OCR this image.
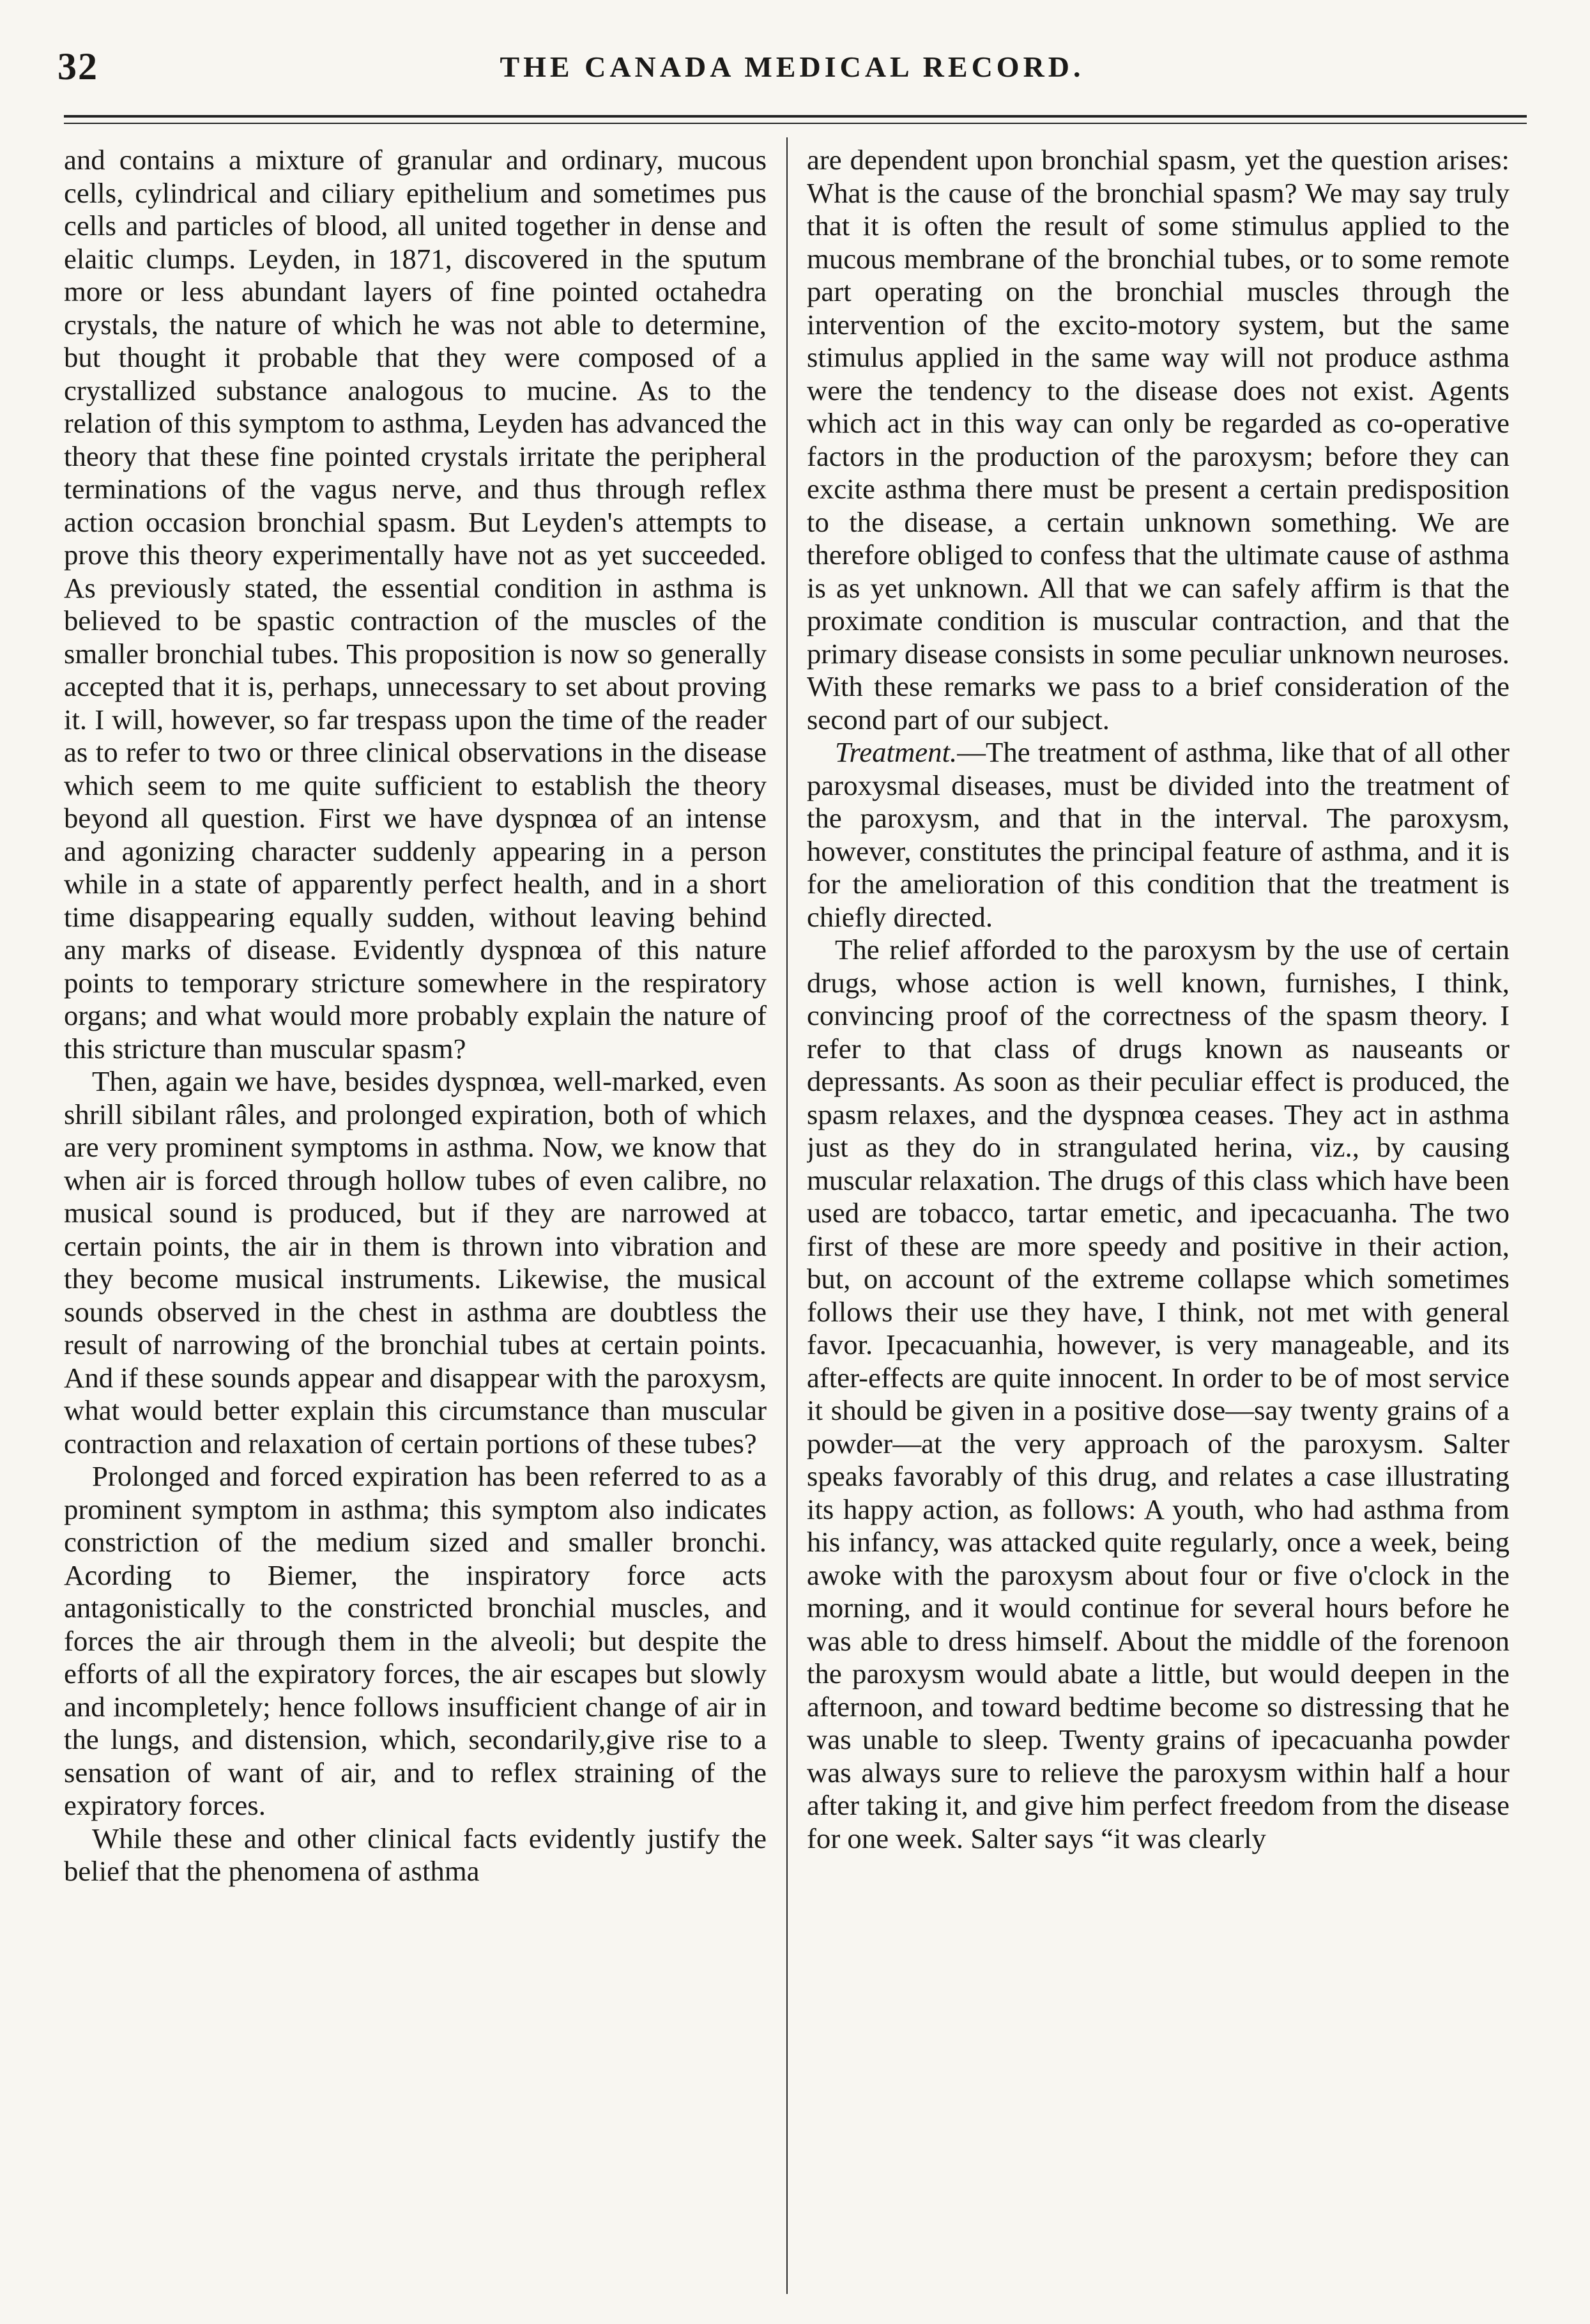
32	THE CANADA MEDICAL RECORD.

and contains a mixture of granular and ordinary, mucous cells, cylindrical and ciliary epithelium and sometimes pus cells and particles of blood, all united together in dense and elaitic clumps. Leyden, in 1871, discovered in the sputum more or less abundant layers of fine pointed octahedra crystals, the nature of which he was not able to determine, but thought it probable that they were composed of a crystallized substance analogous to mucine. As to the relation of this symptom to asthma, Leyden has advanced the theory that these fine pointed crystals irritate the peripheral terminations of the vagus nerve, and thus through reflex action occasion bronchial spasm. But Leyden's attempts to prove this theory experimentally have not as yet succeeded. As previously stated, the essential condition in asthma is believed to be spastic contraction of the muscles of the smaller bronchial tubes. This proposition is now so generally accepted that it is, perhaps, unnecessary to set about proving it. I will, however, so far trespass upon the time of the reader as to refer to two or three clinical observations in the disease which seem to me quite sufficient to establish the theory beyond all question. First we have dyspnœa of an intense and agonizing character suddenly appearing in a person while in a state of apparently perfect health, and in a short time disappearing equally sudden, without leaving behind any marks of disease. Evidently dyspnœa of this nature points to temporary stricture somewhere in the respiratory organs; and what would more probably explain the nature of this stricture than muscular spasm?

Then, again we have, besides dyspnœa, well-marked, even shrill sibilant râles, and prolonged expiration, both of which are very prominent symptoms in asthma. Now, we know that when air is forced through hollow tubes of even calibre, no musical sound is produced, but if they are narrowed at certain points, the air in them is thrown into vibration and they become musical instruments. Likewise, the musical sounds observed in the chest in asthma are doubtless the result of narrowing of the bronchial tubes at certain points. And if these sounds appear and disappear with the paroxysm, what would better explain this circumstance than muscular contraction and relaxation of certain portions of these tubes?

Prolonged and forced expiration has been referred to as a prominent symptom in asthma; this symptom also indicates constriction of the medium sized and smaller bronchi. Acording to Biemer, the inspiratory force acts antagonistically to the constricted bronchial muscles, and forces the air through them in the alveoli; but despite the efforts of all the expiratory forces, the air escapes but slowly and incompletely; hence follows insufficient change of air in the lungs, and distension, which, secondarily,give rise to a sensation of want of air, and to reflex straining of the expiratory forces.

While these and other clinical facts evidently justify the belief that the phenomena of asthma

are dependent upon bronchial spasm, yet the question arises: What is the cause of the bronchial spasm? We may say truly that it is often the result of some stimulus applied to the mucous membrane of the bronchial tubes, or to some remote part operating on the bronchial muscles through the intervention of the excito-motory system, but the same stimulus applied in the same way will not produce asthma were the tendency to the disease does not exist. Agents which act in this way can only be regarded as co-operative factors in the production of the paroxysm; before they can excite asthma there must be present a certain predisposition to the disease, a certain unknown something. We are therefore obliged to confess that the ultimate cause of asthma is as yet unknown. All that we can safely affirm is that the proximate condition is muscular contraction, and that the primary disease consists in some peculiar unknown neuroses. With these remarks we pass to a brief consideration of the second part of our subject.

Treatment.—The treatment of asthma, like that of all other paroxysmal diseases, must be divided into the treatment of the paroxysm, and that in the interval. The paroxysm, however, constitutes the principal feature of asthma, and it is for the amelioration of this condition that the treatment is chiefly directed.

The relief afforded to the paroxysm by the use of certain drugs, whose action is well known, furnishes, I think, convincing proof of the correctness of the spasm theory. I refer to that class of drugs known as nauseants or depressants. As soon as their peculiar effect is produced, the spasm relaxes, and the dyspnœa ceases. They act in asthma just as they do in strangulated herina, viz., by causing muscular relaxation. The drugs of this class which have been used are tobacco, tartar emetic, and ipecacuanha. The two first of these are more speedy and positive in their action, but, on account of the extreme collapse which sometimes follows their use they have, I think, not met with general favor. Ipecacuanhia, however, is very manageable, and its after-effects are quite innocent. In order to be of most service it should be given in a positive dose—say twenty grains of a powder—at the very approach of the paroxysm. Salter speaks favorably of this drug, and relates a case illustrating its happy action, as follows: A youth, who had asthma from his infancy, was attacked quite regularly, once a week, being awoke with the paroxysm about four or five o'clock in the morning, and it would continue for several hours before he was able to dress himself. About the middle of the forenoon the paroxysm would abate a little, but would deepen in the afternoon, and toward bedtime become so distressing that he was unable to sleep. Twenty grains of ipecacuanha powder was always sure to relieve the paroxysm within half a hour after taking it, and give him perfect freedom from the disease for one week. Salter says “it was clearly
